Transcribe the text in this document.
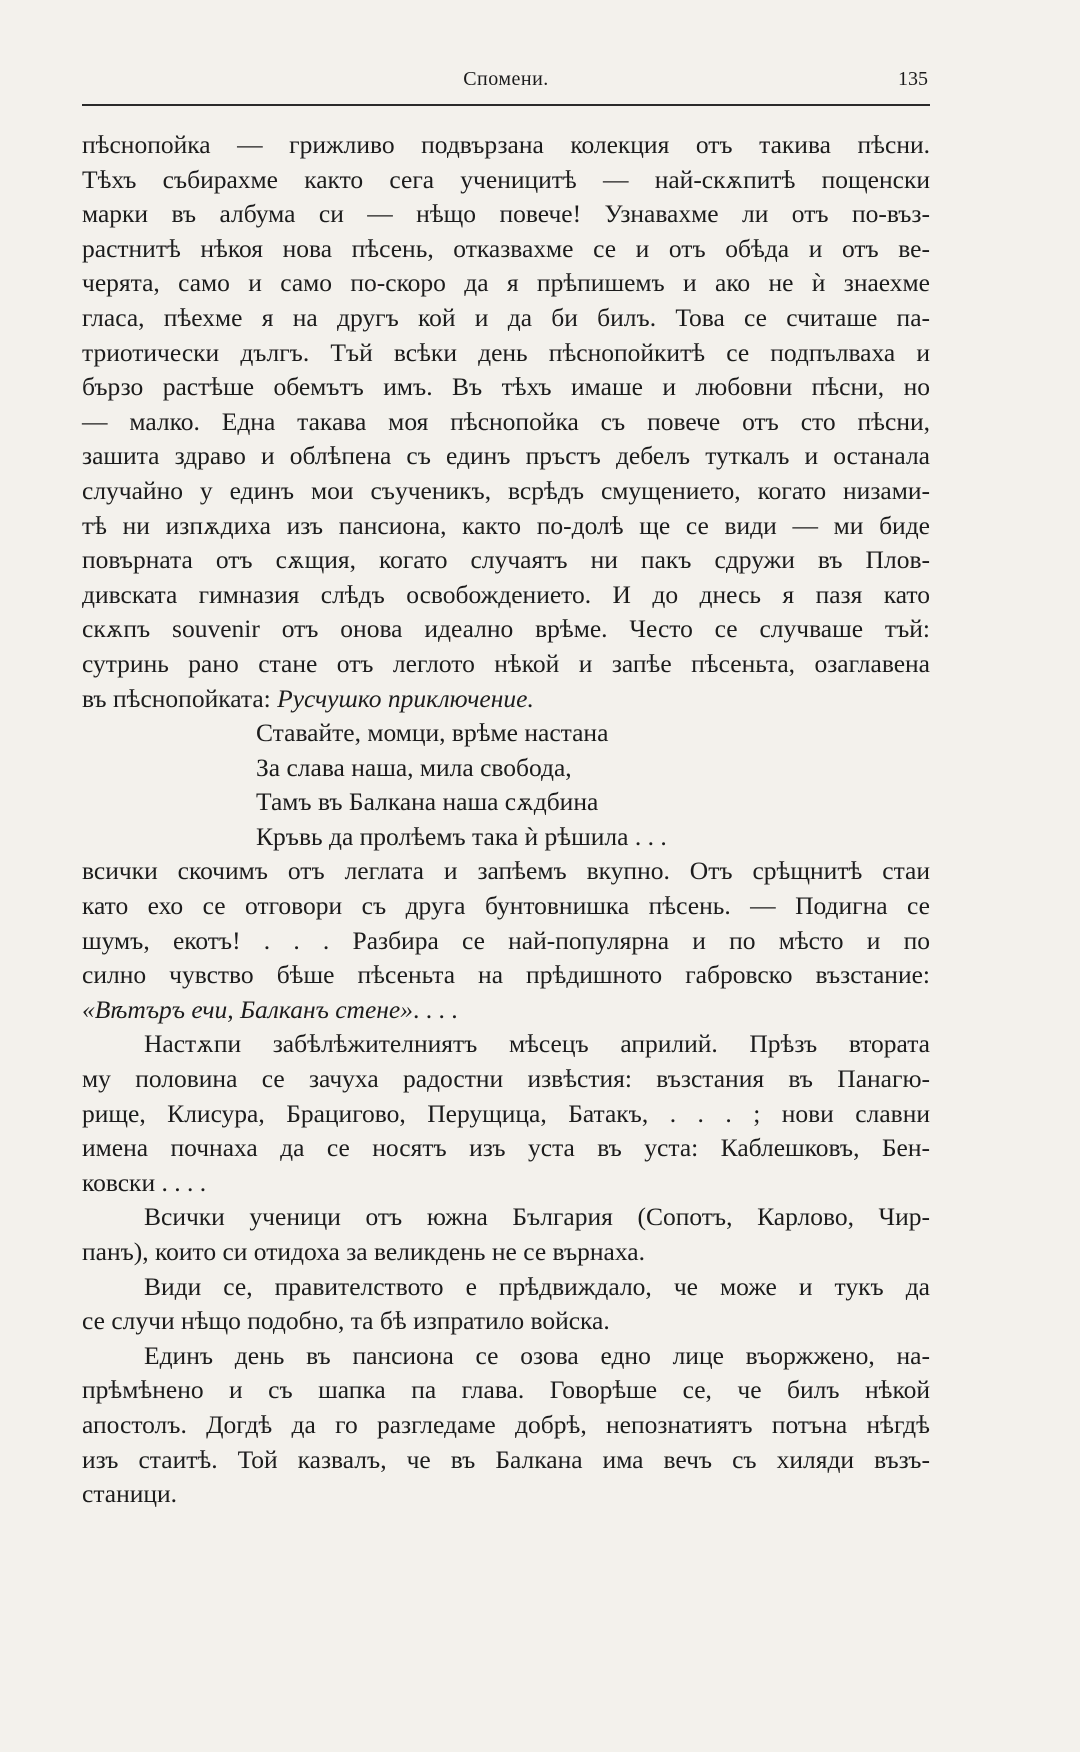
Спомени.	135
пѣснопойка — грижливо подвързана колекция отъ такива пѣсни.
Тѣхъ събирахме както сега ученицитѣ — най-скѫпитѣ пощенски
марки въ албума си — нѣщо повече! Узнавахме ли отъ по-въз-
растнитѣ нѣкоя нова пѣсень, отказвахме се и отъ обѣда и отъ ве-
черята, само и само по-скоро да я прѣпишемъ и ако не ѝ знаехме
гласа, пѣехме я на другъ кой и да би билъ. Това се считаше па-
триотически дългъ. Тъй всѣки день пѣснопойкитѣ се подпълваха и
бързо растѣше обемътъ имъ. Въ тѣхъ имаше и любовни пѣсни, но
— малко. Една такава моя пѣснопойка съ повече отъ сто пѣсни,
зашита здраво и облѣпена съ единъ пръстъ дебелъ туткалъ и останала
случайно у единъ мои съученикъ, всрѣдъ смущението, когато низами-
тѣ ни изпѫдиха изъ пансиона, както по-долѣ ще се види — ми биде
повърната отъ сѫщия, когато случаятъ ни пакъ сдружи въ Плов-
дивската гимназия слѣдъ освобождението. И до днесь я пазя като
скѫпъ souvenir отъ онова идеално врѣме. Често се случваше тъй:
сутринь рано стане отъ леглото нѣкой и запѣе пѣсеньта, озаглавена
въ пѣснопойката: Русчушко приключение.
Ставайте, момци, врѣме настана
За слава наша, мила свобода,
Тамъ въ Балкана наша сѫдбина
Кръвь да пролѣемъ така ѝ рѣшила . . .
всички скочимъ отъ леглата и запѣемъ вкупно. Отъ срѣщнитѣ стаи
като ехо се отговори съ друга бунтовнишка пѣсень. — Подигна се
шумъ, екотъ! . . . Разбира се най-популярна и по мѣсто и по
силно чувство бѣше пѣсеньта на прѣдишното габровско възстание:
«Вѣтъръ ечи, Балканъ стене». . . .
Настѫпи забѣлѣжителниятъ мѣсецъ априлий. Прѣзъ втората
му половина се зачуха радостни извѣстия: възстания въ Панагю-
рище, Клисура, Брацигово, Перущица, Батакъ, . . . ; нови славни
имена почнаха да се носятъ изъ уста въ уста: Каблешковъ, Бен-
ковски . . . .
Всички ученици отъ южна България (Сопотъ, Карлово, Чир-
панъ), които си отидоха за великдень не се върнаха.
Види се, правителството е прѣдвиждало, че може и тукъ да
се случи нѣщо подобно, та бѣ изпратило войска.
Единъ день въ пансиона се озова едно лице въоржжено, на-
прѣмѣнено и съ шапка па глава. Говорѣше се, че билъ нѣкой
апостолъ. Догдѣ да го разгледаме добрѣ, непознатиятъ потъна нѣгдѣ
изъ стаитѣ. Той казвалъ, че въ Балкана има вечъ съ хиляди възъ-
станици.
